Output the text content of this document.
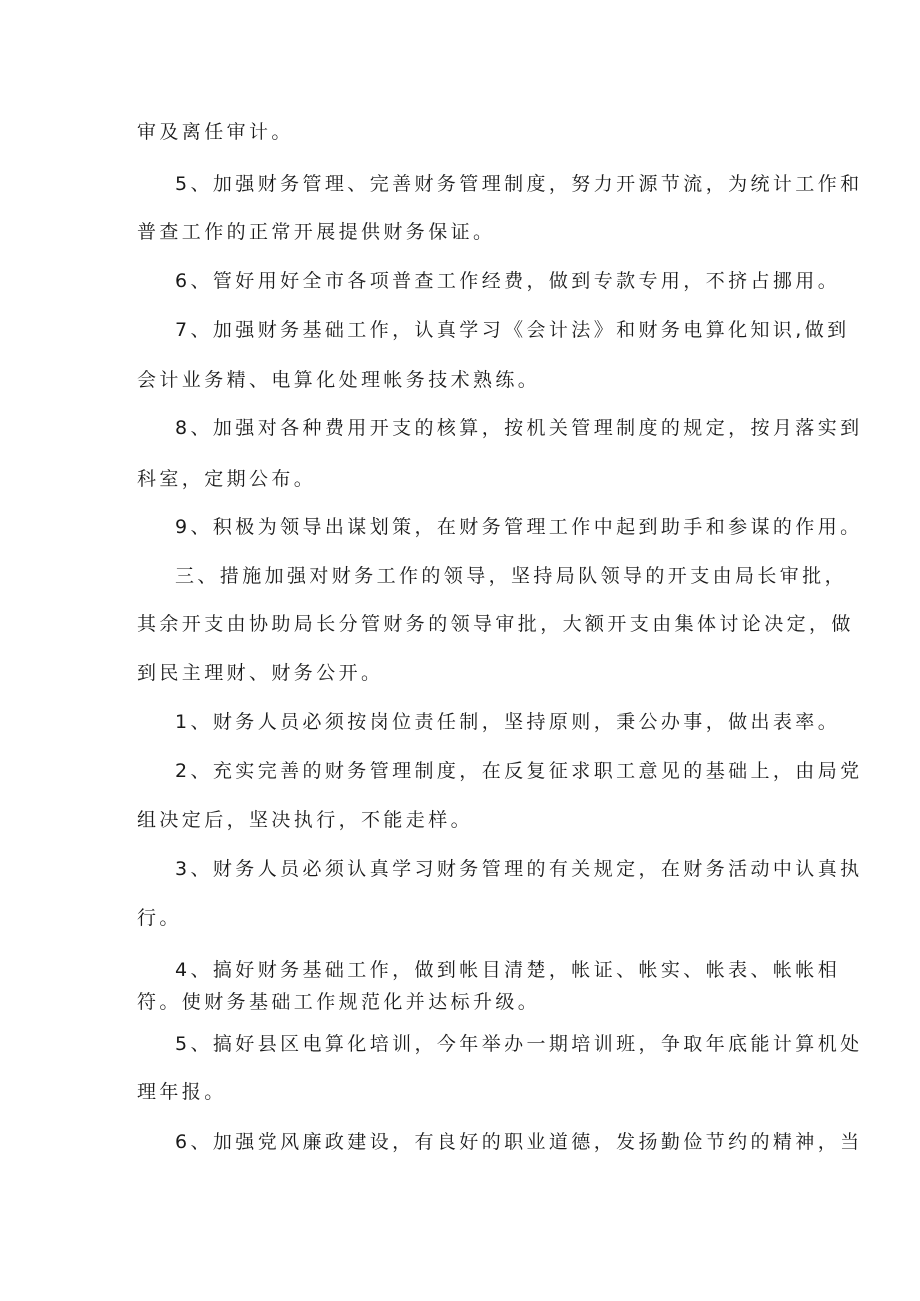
审及离任审计。

5、加强财务管理、完善财务管理制度，努力开源节流，为统计工作和

普查工作的正常开展提供财务保证。

6、管好用好全市各项普查工作经费，做到专款专用，不挤占挪用。

7、加强财务基础工作，认真学习《会计法》和财务电算化知识,做到

会计业务精、电算化处理帐务技术熟练。

8、加强对各种费用开支的核算，按机关管理制度的规定，按月落实到

科室，定期公布。

9、积极为领导出谋划策，在财务管理工作中起到助手和参谋的作用。

三、措施加强对财务工作的领导，坚持局队领导的开支由局长审批，

其余开支由协助局长分管财务的领导审批，大额开支由集体讨论决定，做

到民主理财、财务公开。

1、财务人员必须按岗位责任制，坚持原则，秉公办事，做出表率。

2、充实完善的财务管理制度，在反复征求职工意见的基础上，由局党

组决定后，坚决执行，不能走样。

3、财务人员必须认真学习财务管理的有关规定，在财务活动中认真执

行。

4、搞好财务基础工作，做到帐目清楚，帐证、帐实、帐表、帐帐相

符。使财务基础工作规范化并达标升级。

5、搞好县区电算化培训，今年举办一期培训班，争取年底能计算机处

理年报。

6、加强党风廉政建设，有良好的职业道德，发扬勤俭节约的精神，当
